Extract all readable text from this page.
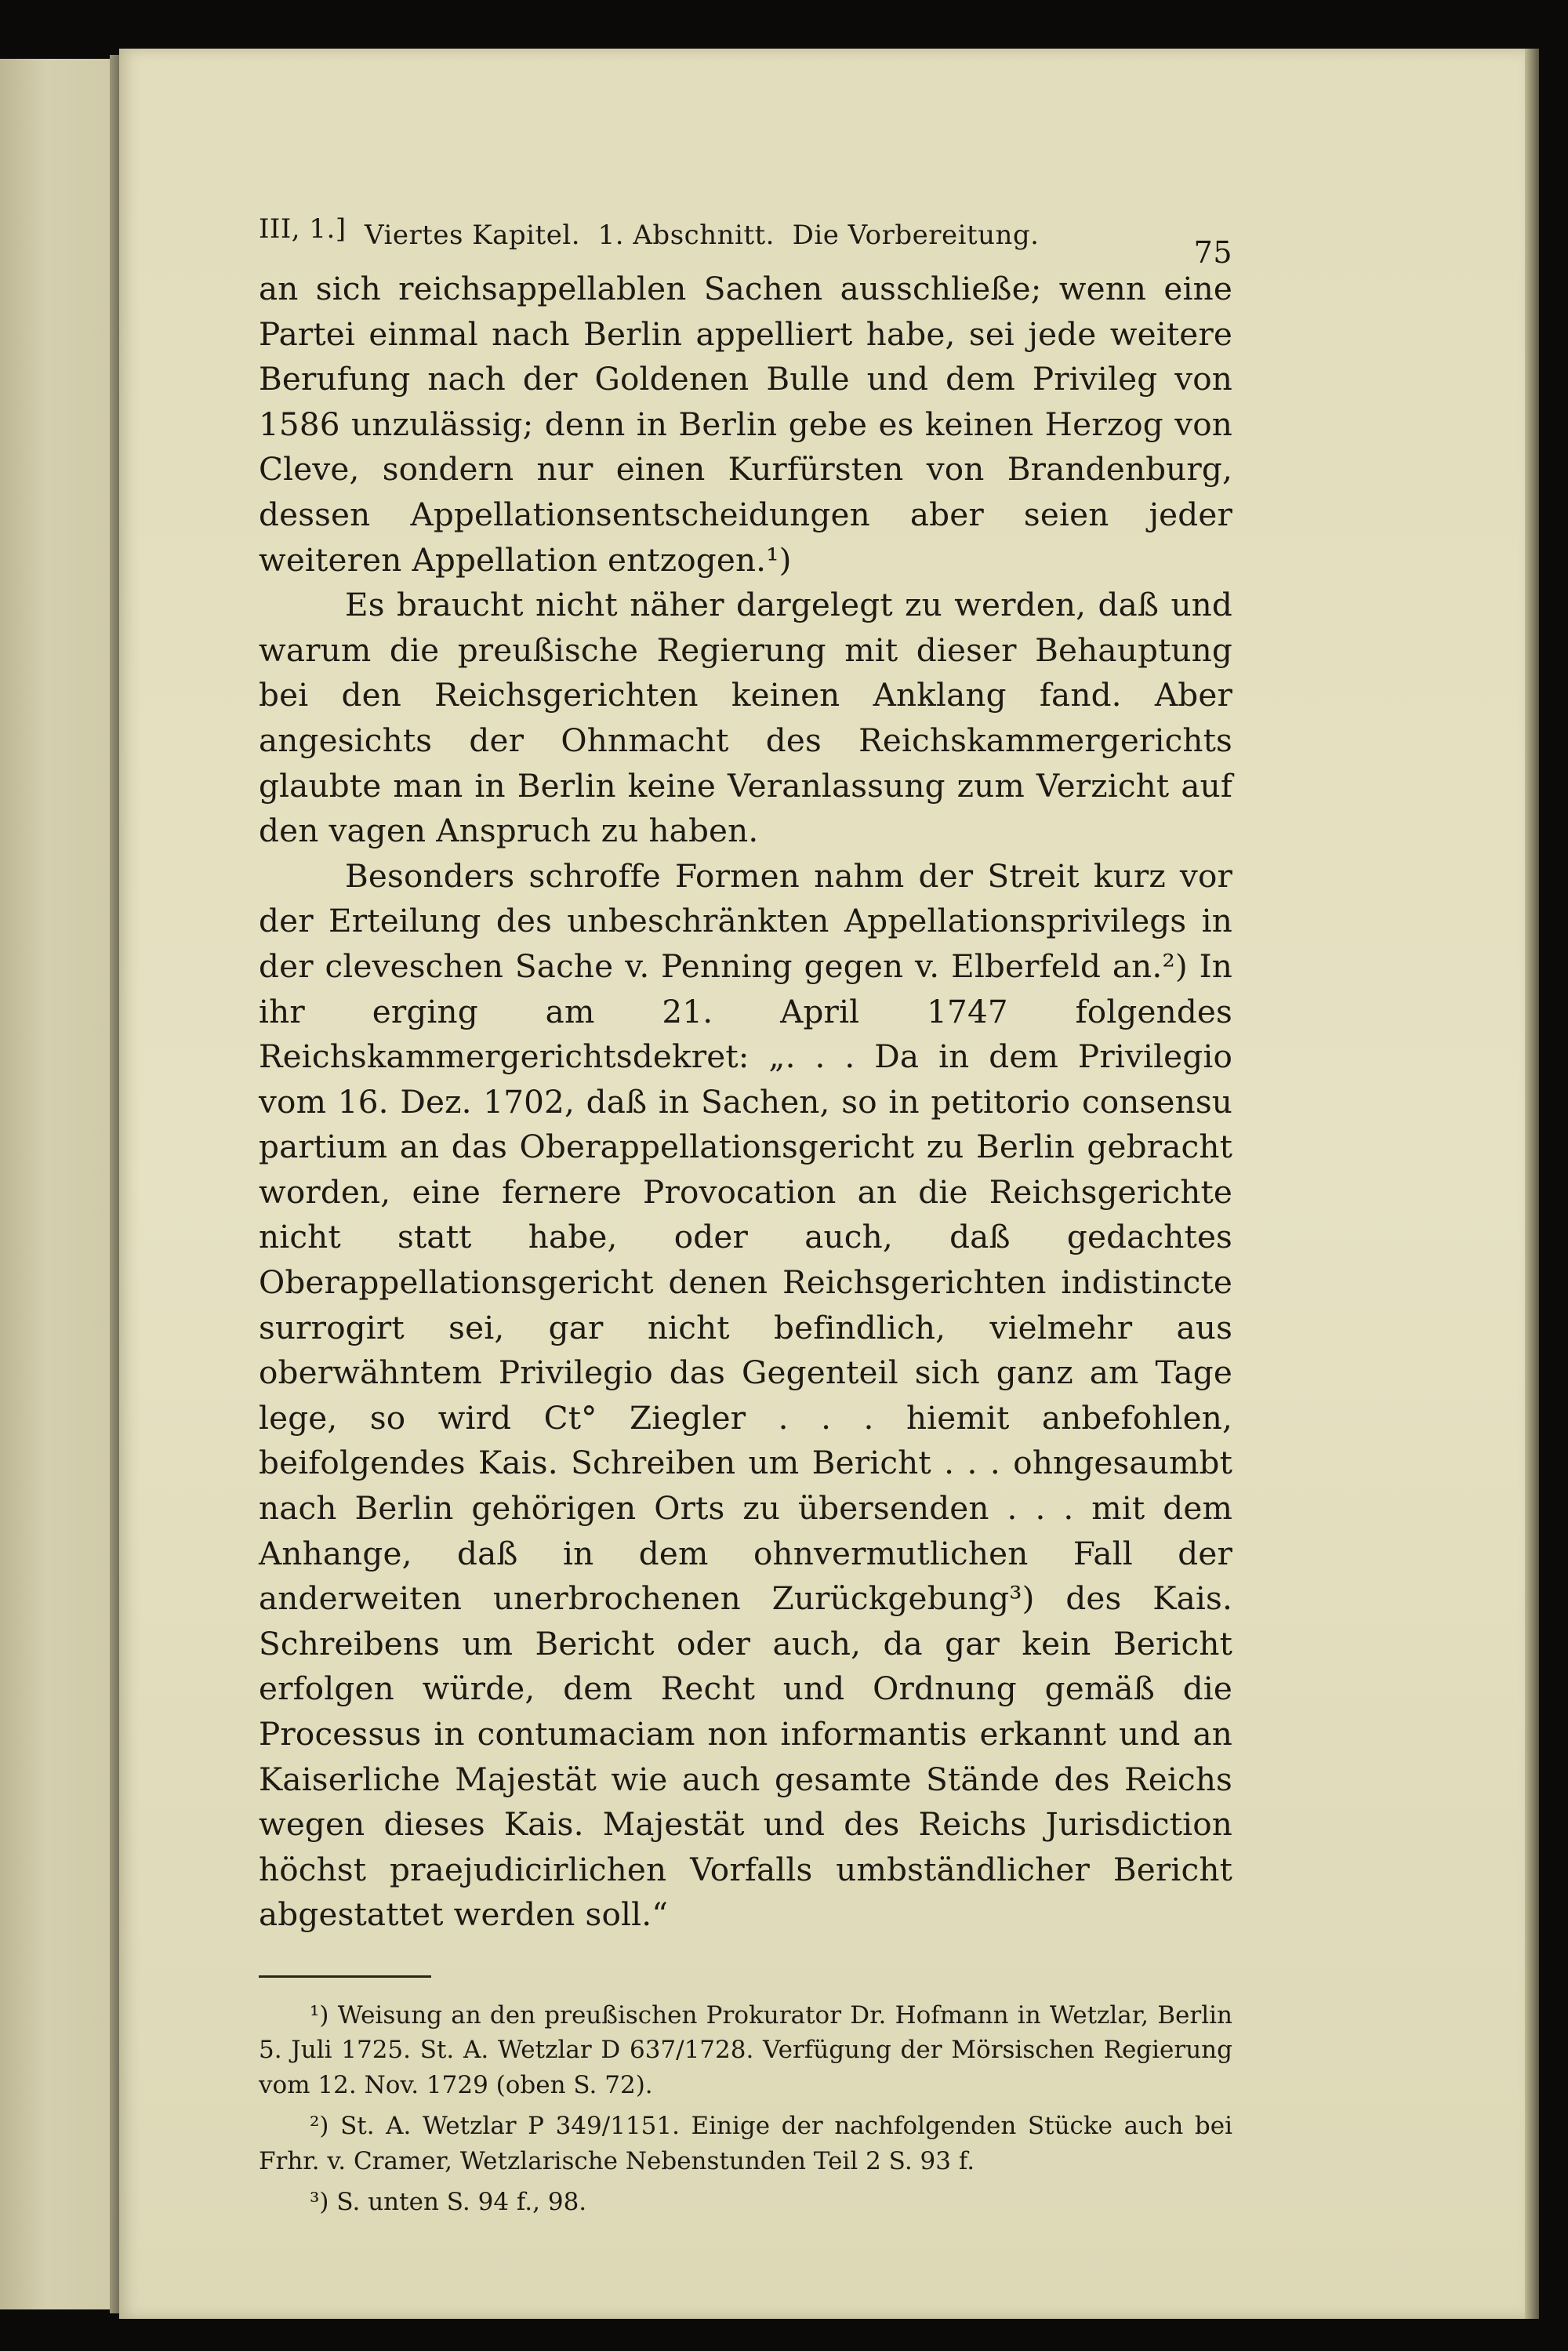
III, 1.] Viertes Kapitel.  1. Abschnitt.  Die Vorbereitung.	75

an sich reichsappellablen Sachen ausschließe; wenn eine Partei einmal nach Berlin appelliert habe, sei jede weitere Berufung nach der Goldenen Bulle und dem Privileg von 1586 unzulässig; denn in Berlin gebe es keinen Herzog von Cleve, sondern nur einen Kurfürsten von Brandenburg, dessen Appellationsentscheidungen aber seien jeder weiteren Appellation entzogen.¹)

Es braucht nicht näher dargelegt zu werden, daß und warum die preußische Regierung mit dieser Behauptung bei den Reichsgerichten keinen Anklang fand. Aber angesichts der Ohnmacht des Reichskammergerichts glaubte man in Berlin keine Veranlassung zum Verzicht auf den vagen Anspruch zu haben.

Besonders schroffe Formen nahm der Streit kurz vor der Erteilung des unbeschränkten Appellationsprivilegs in der cleveschen Sache v. Penning gegen v. Elberfeld an.²) In ihr erging am 21. April 1747 folgendes Reichskammergerichtsdekret: „. . . Da in dem Privilegio vom 16. Dez. 1702, daß in Sachen, so in petitorio consensu partium an das Oberappellationsgericht zu Berlin gebracht worden, eine fernere Provocation an die Reichsgerichte nicht statt habe, oder auch, daß gedachtes Oberappellationsgericht denen Reichsgerichten indistincte surrogirt sei, gar nicht befindlich, vielmehr aus oberwähntem Privilegio das Gegenteil sich ganz am Tage lege, so wird Ct° Ziegler . . . hiemit anbefohlen, beifolgendes Kais. Schreiben um Bericht . . . ohngesaumbt nach Berlin gehörigen Orts zu übersenden . . . mit dem Anhange, daß in dem ohnvermutlichen Fall der anderweiten unerbrochenen Zurückgebung³) des Kais. Schreibens um Bericht oder auch, da gar kein Bericht erfolgen würde, dem Recht und Ordnung gemäß die Processus in contumaciam non informantis erkannt und an Kaiserliche Majestät wie auch gesamte Stände des Reichs wegen dieses Kais. Majestät und des Reichs Jurisdiction höchst praejudicirlichen Vorfalls umbständlicher Bericht abgestattet werden soll.“

¹) Weisung an den preußischen Prokurator Dr. Hofmann in Wetzlar, Berlin 5. Juli 1725. St. A. Wetzlar D 637/1728. Verfügung der Mörsischen Regierung vom 12. Nov. 1729 (oben S. 72).

²) St. A. Wetzlar P 349/1151. Einige der nachfolgenden Stücke auch bei Frhr. v. Cramer, Wetzlarische Nebenstunden Teil 2 S. 93 f.

³) S. unten S. 94 f., 98.
